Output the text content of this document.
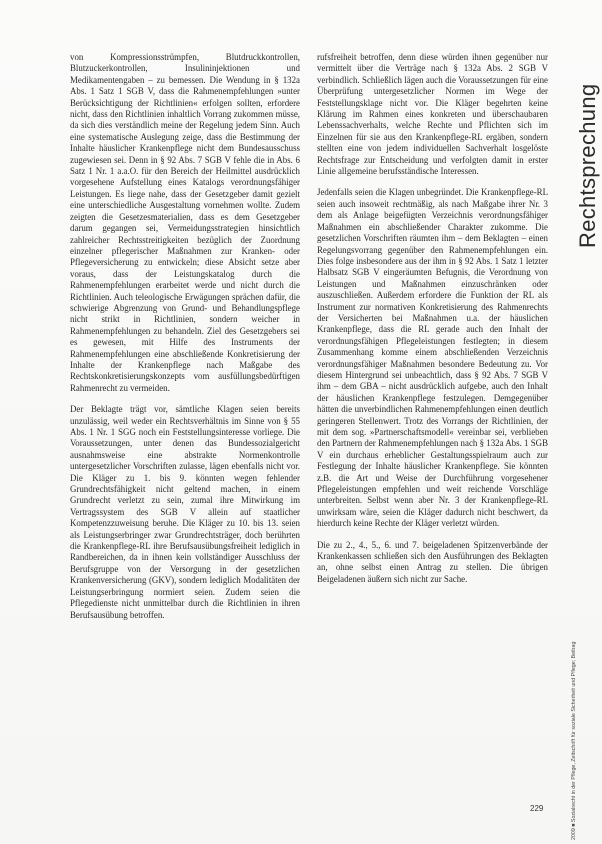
von Kompressionsstrümpfen, Blutdruckkontrollen, Blutzuckerkontrollen, Insulininjektionen und Medikamentengaben – zu bemessen. Die Wendung in § 132a Abs. 1 Satz 1 SGB V, dass die Rahmenempfehlungen »unter Berücksichtigung der Richtlinien« erfolgen sollten, erfordere nicht, dass den Richtlinien inhaltlich Vorrang zukommen müsse, da sich dies verständlich meine der Regelung jedem Sinn. Auch eine systematische Auslegung zeige, dass die Bestimmung der Inhalte häuslicher Krankenpflege nicht dem Bundesausschuss zugewiesen sei. Denn in § 92 Abs. 7 SGB V fehle die in Abs. 6 Satz 1 Nr. 1 a.a.O. für den Bereich der Heilmittel ausdrücklich vorgesehene Aufstellung eines Katalogs verordnungsfähiger Leistungen. Es liege nahe, dass der Gesetzgeber damit gezielt eine unterschiedliche Ausgestaltung vornehmen wollte. Zudem zeigten die Gesetzesmaterialien, dass es dem Gesetzgeber darum gegangen sei, Vermeidungsstrategien hinsichtlich zahlreicher Rechtsstreitigkeiten bezüglich der Zuordnung einzelner pflegerischer Maßnahmen zur Kranken- oder Pflegeversicherung zu entwickeln; diese Absicht setze aber voraus, dass der Leistungskatalog durch die Rahmenempfehlungen erarbeitet werde und nicht durch die Richtlinien. Auch teleologische Erwägungen sprächen dafür, die schwierige Abgrenzung von Grund- und Behandlungspflege nicht strikt in Richtlinien, sondern weicher in Rahmenempfehlungen zu behandeln. Ziel des Gesetzgebers sei es gewesen, mit Hilfe des Instruments der Rahmenempfehlungen eine abschließende Konkretisierung der Inhalte der Krankenpflege nach Maßgabe des Rechtskonkretisierungskonzepts vom ausfüllungsbedürftigen Rahmenrecht zu vermeiden.

Der Beklagte trägt vor, sämtliche Klagen seien bereits unzulässig, weil weder ein Rechtsverhältnis im Sinne von § 55 Abs. 1 Nr. 1 SGG noch ein Feststellungsinteresse vorliege. Die Voraussetzungen, unter denen das Bundessozialgericht ausnahmsweise eine abstrakte Normenkontrolle untergesetzlicher Vorschriften zulasse, lägen ebenfalls nicht vor. Die Kläger zu 1. bis 9. könnten wegen fehlender Grundrechtsfähigkeit nicht geltend machen, in einem Grundrecht verletzt zu sein, zumal ihre Mitwirkung im Vertragssystem des SGB V allein auf staatlicher Kompetenzzuweisung beruhe. Die Kläger zu 10. bis 13. seien als Leistungserbringer zwar Grundrechtsträger, doch berührten die Krankenpflege-RL ihre Berufsausübungsfreiheit lediglich in Randbereichen, da in ihnen kein vollständiger Ausschluss der Berufsgruppe von der Versorgung in der gesetzlichen Krankenversicherung (GKV), sondern lediglich Modalitäten der Leistungserbringung normiert seien. Zudem seien die Pflegedienste nicht unmittelbar durch die Richtlinien in ihren Berufsausübung betroffen.

rufsfreiheit betroffen, denn diese würden ihnen gegenüber nur vermittelt über die Verträge nach § 132a Abs. 2 SGB V verbindlich. Schließlich lägen auch die Voraussetzungen für eine Überprüfung untergesetzlicher Normen im Wege der Feststellungsklage nicht vor. Die Kläger begehrten keine Klärung im Rahmen eines konkreten und überschaubaren Lebenssachverhalts, welche Rechte und Pflichten sich im Einzelnen für sie aus den Krankenpflege-RL ergäben, sondern stellten eine von jedem individuellen Sachverhalt losgelöste Rechtsfrage zur Entscheidung und verfolgten damit in erster Linie allgemeine berufsständische Interessen.

Jedenfalls seien die Klagen unbegründet. Die Krankenpflege-RL seien auch insoweit rechtmäßig, als nach Maßgabe ihrer Nr. 3 dem als Anlage beigefügten Verzeichnis verordnungsfähiger Maßnahmen ein abschließender Charakter zukomme. Die gesetzlichen Vorschriften räumten ihm – dem Beklagten – einen Regelungsvorrang gegenüber den Rahmenempfehlungen ein. Dies folge insbesondere aus der ihm in § 92 Abs. 1 Satz 1 letzter Halbsatz SGB V eingeräumten Befugnis, die Verordnung von Leistungen und Maßnahmen einzuschränken oder auszuschließen. Außerdem erfordere die Funktion der RL als Instrument zur normativen Konkretisierung des Rahmenrechts der Versicherten bei Maßnahmen u.a. der häuslichen Krankenpflege, dass die RL gerade auch den Inhalt der verordnungsfähigen Pflegeleistungen festlegten; in diesem Zusammenhang komme einem abschließenden Verzeichnis verordnungsfähiger Maßnahmen besondere Bedeutung zu. Vor diesem Hintergrund sei unbeachtlich, dass § 92 Abs. 7 SGB V ihm – dem GBA – nicht ausdrücklich aufgebe, auch den Inhalt der häuslichen Krankenpflege festzulegen. Demgegenüber hätten die unverbindlichen Rahmenempfehlungen einen deutlich geringeren Stellenwert. Trotz des Vorrangs der Richtlinien, der mit dem sog. »Partnerschaftsmodell« vereinbar sei, verblieben den Partnern der Rahmenempfehlungen nach § 132a Abs. 1 SGB V ein durchaus erheblicher Gestaltungsspielraum auch zur Festlegung der Inhalte häuslicher Krankenpflege. Sie könnten z.B. die Art und Weise der Durchführung vorgesehener Pflegeleistungen empfehlen und weit reichende Vorschläge unterbreiten. Selbst wenn aber Nr. 3 der Krankenpflege-RL unwirksam wäre, seien die Kläger dadurch nicht beschwert, da hierdurch keine Rechte der Kläger verletzt würden.

Die zu 2., 4., 5., 6. und 7. beigeladenen Spitzenverbände der Krankenkassen schließen sich den Ausführungen des Beklagten an, ohne selbst einen Antrag zu stellen. Die übrigen Beigeladenen äußern sich nicht zur Sache.

Rechtsprechung
2009 ■ Sozialrecht in der Pflege, Zeitschrift für soziale Sicherheit und Pflege; Beitrag
229
